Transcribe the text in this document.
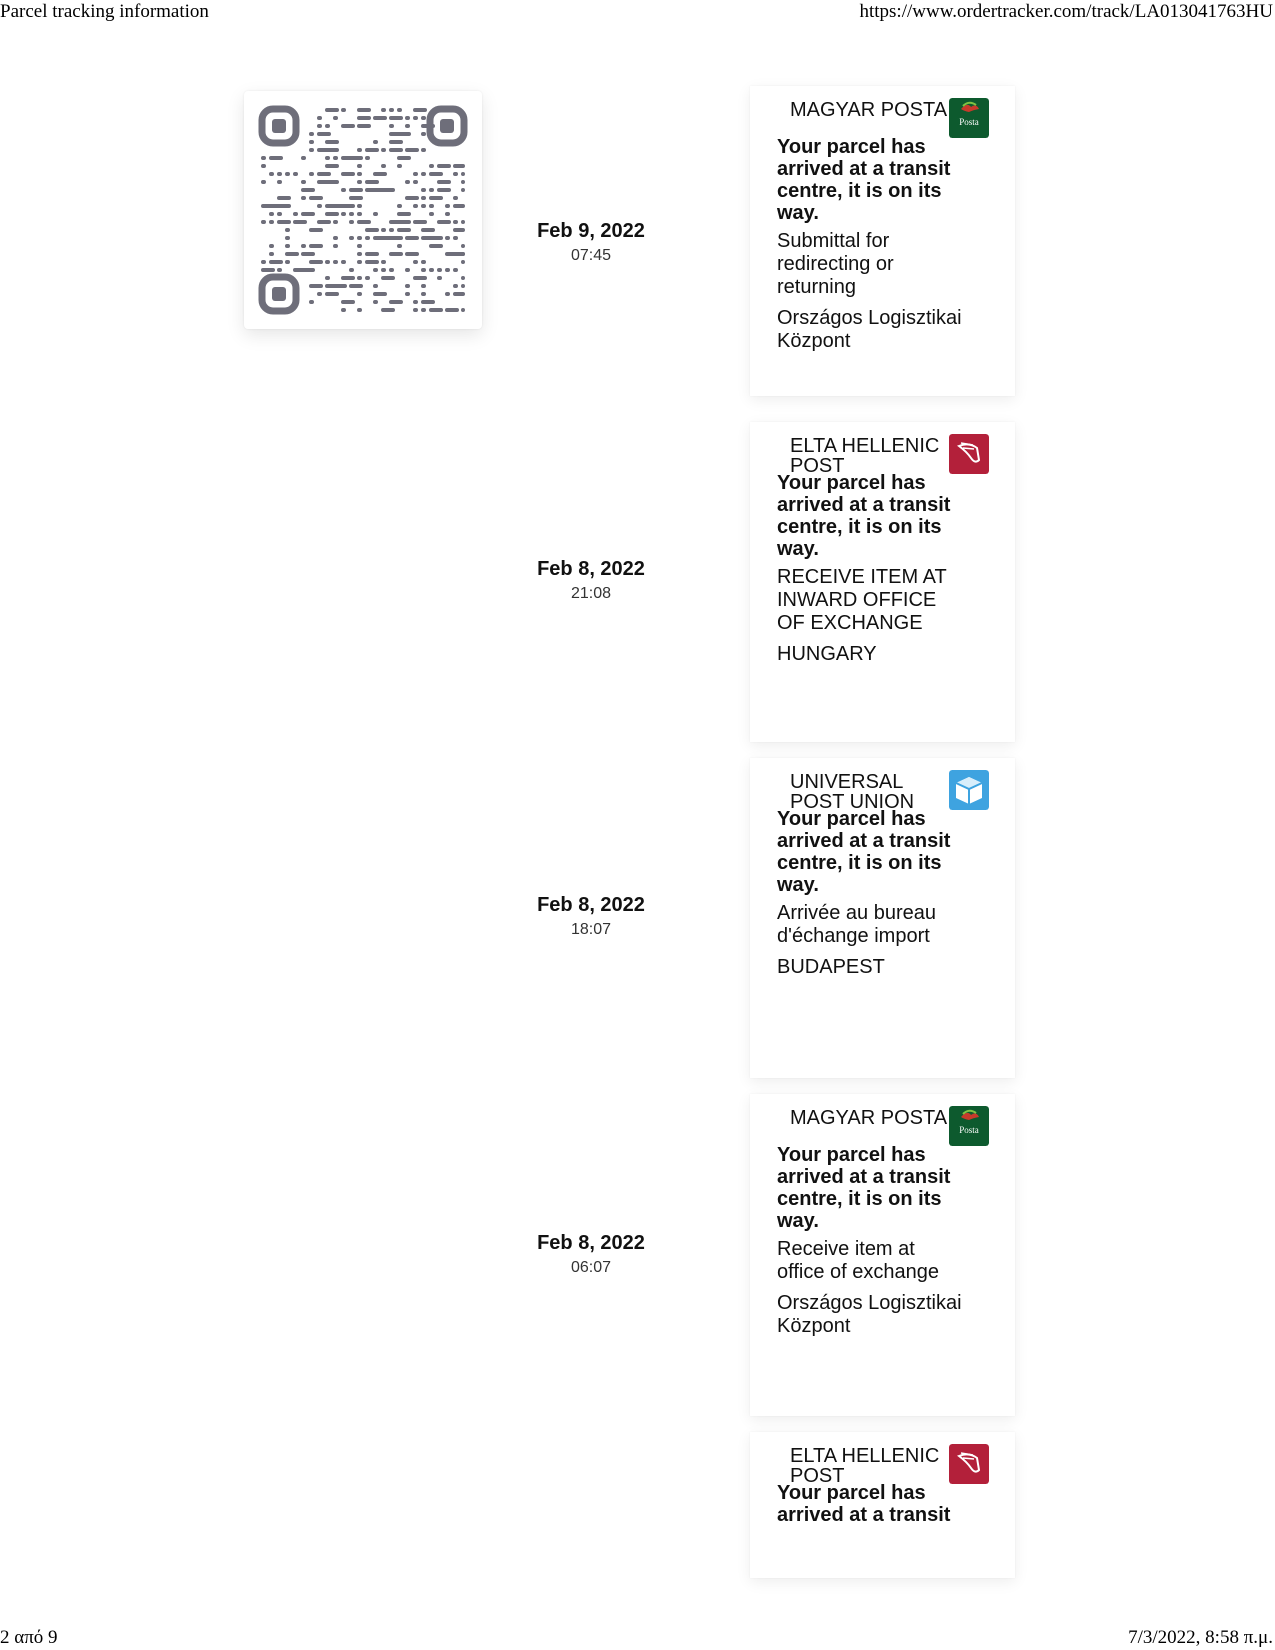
Parcel tracking information	https://www.ordertracker.com/track/LA013041763HU
Feb 9, 2022
07:45
MAGYAR POSTA
Posta
Your parcel has arrived at a transit centre, it is on its way.
Submittal for redirecting or returning
Országos Logisztikai Központ
Feb 8, 2022
21:08
ELTA HELLENIC POST
Your parcel has arrived at a transit centre, it is on its way.
RECEIVE ITEM AT INWARD OFFICE OF EXCHANGE
HUNGARY
Feb 8, 2022
18:07
UNIVERSAL POST UNION
Your parcel has arrived at a transit centre, it is on its way.
Arrivée au bureau d'échange import
BUDAPEST
Feb 8, 2022
06:07
MAGYAR POSTA
Posta
Your parcel has arrived at a transit centre, it is on its way.
Receive item at office of exchange
Országos Logisztikai Központ
ELTA HELLENIC POST
Your parcel has arrived at a transit
2 από 9	7/3/2022, 8:58 π.μ.
